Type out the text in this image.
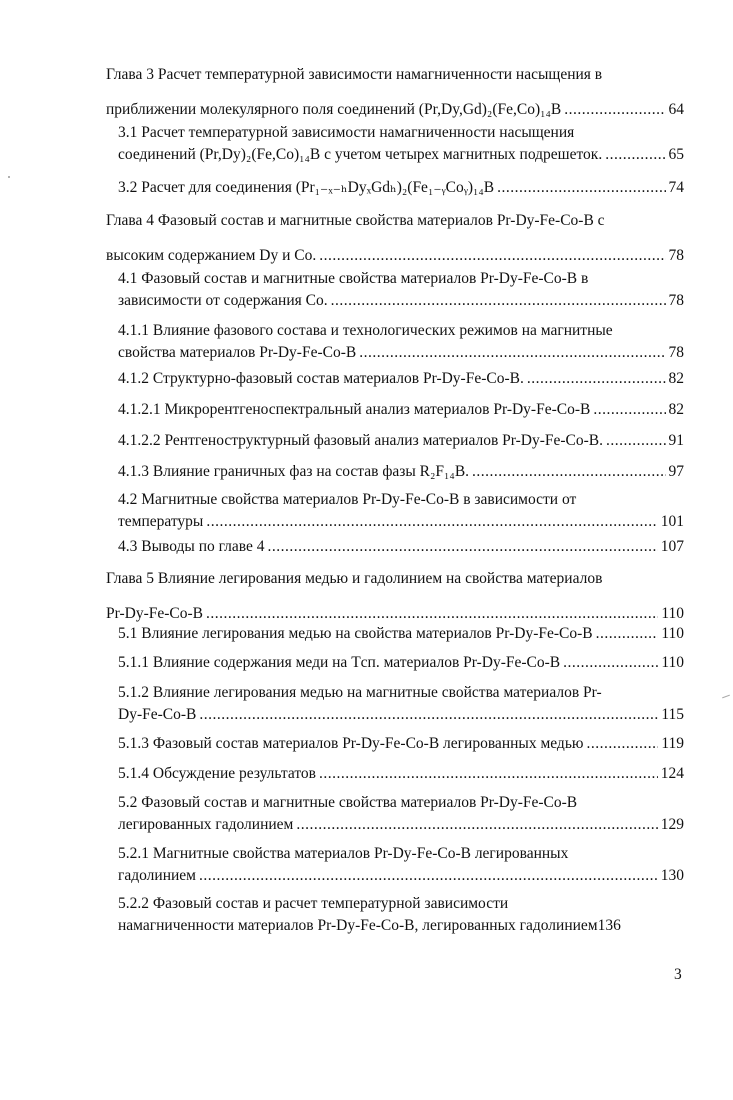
Глава 3 Расчет температурной зависимости намагниченности насыщения в
приближении молекулярного поля соединений (Pr,Dy,Gd)₂(Fe,Co)₁₄B .....	64
3.1 Расчет температурной зависимости намагниченности насыщения
соединений (Pr,Dy)₂(Fe,Co)₁₄B с учетом четырех магнитных подрешеток. .....	65
3.2 Расчет для соединения (Pr₁₋ₓ₋ₕDyₓGdₕ)₂(Fe₁₋ᵧCoᵧ)₁₄B .....	74
Глава 4 Фазовый состав и магнитные свойства материалов Pr-Dy-Fe-Co-B с
высоким содержанием Dy и Co. .....	78
4.1 Фазовый состав и магнитные свойства материалов Pr-Dy-Fe-Co-B в
зависимости от содержания Co. .....	78
4.1.1 Влияние фазового состава и технологических режимов на магнитные
свойства материалов Pr-Dy-Fe-Co-B .....	78
4.1.2 Структурно-фазовый состав материалов Pr-Dy-Fe-Co-B. .....	82
4.1.2.1 Микрорентгеноспектральный анализ материалов Pr-Dy-Fe-Co-B .....	82
4.1.2.2 Рентгеноструктурный фазовый анализ материалов Pr-Dy-Fe-Co-B. .....	91
4.1.3 Влияние граничных фаз на состав фазы R₂F₁₄B. .....	97
4.2 Магнитные свойства материалов Pr-Dy-Fe-Co-B в зависимости от
температуры .....	101
4.3 Выводы по главе 4 .....	107
Глава 5 Влияние легирования медью и гадолинием на свойства материалов
Pr-Dy-Fe-Co-B .....	110
5.1 Влияние легирования медью на свойства материалов Pr-Dy-Fe-Co-B .....	110
5.1.1 Влияние содержания меди на Tсп. материалов Pr-Dy-Fe-Co-B .....	110
5.1.2 Влияние легирования медью на магнитные свойства материалов Pr-
Dy-Fe-Co-B .....	115
5.1.3 Фазовый состав материалов Pr-Dy-Fe-Co-B легированных медью .....	119
5.1.4 Обсуждение результатов .....	124
5.2 Фазовый состав и магнитные свойства материалов Pr-Dy-Fe-Co-B
легированных гадолинием .....	129
5.2.1 Магнитные свойства материалов Pr-Dy-Fe-Co-B легированных
гадолинием .....	130
5.2.2 Фазовый состав и расчет температурной зависимости
намагниченности материалов Pr-Dy-Fe-Co-B, легированных гадолинием 136
3
